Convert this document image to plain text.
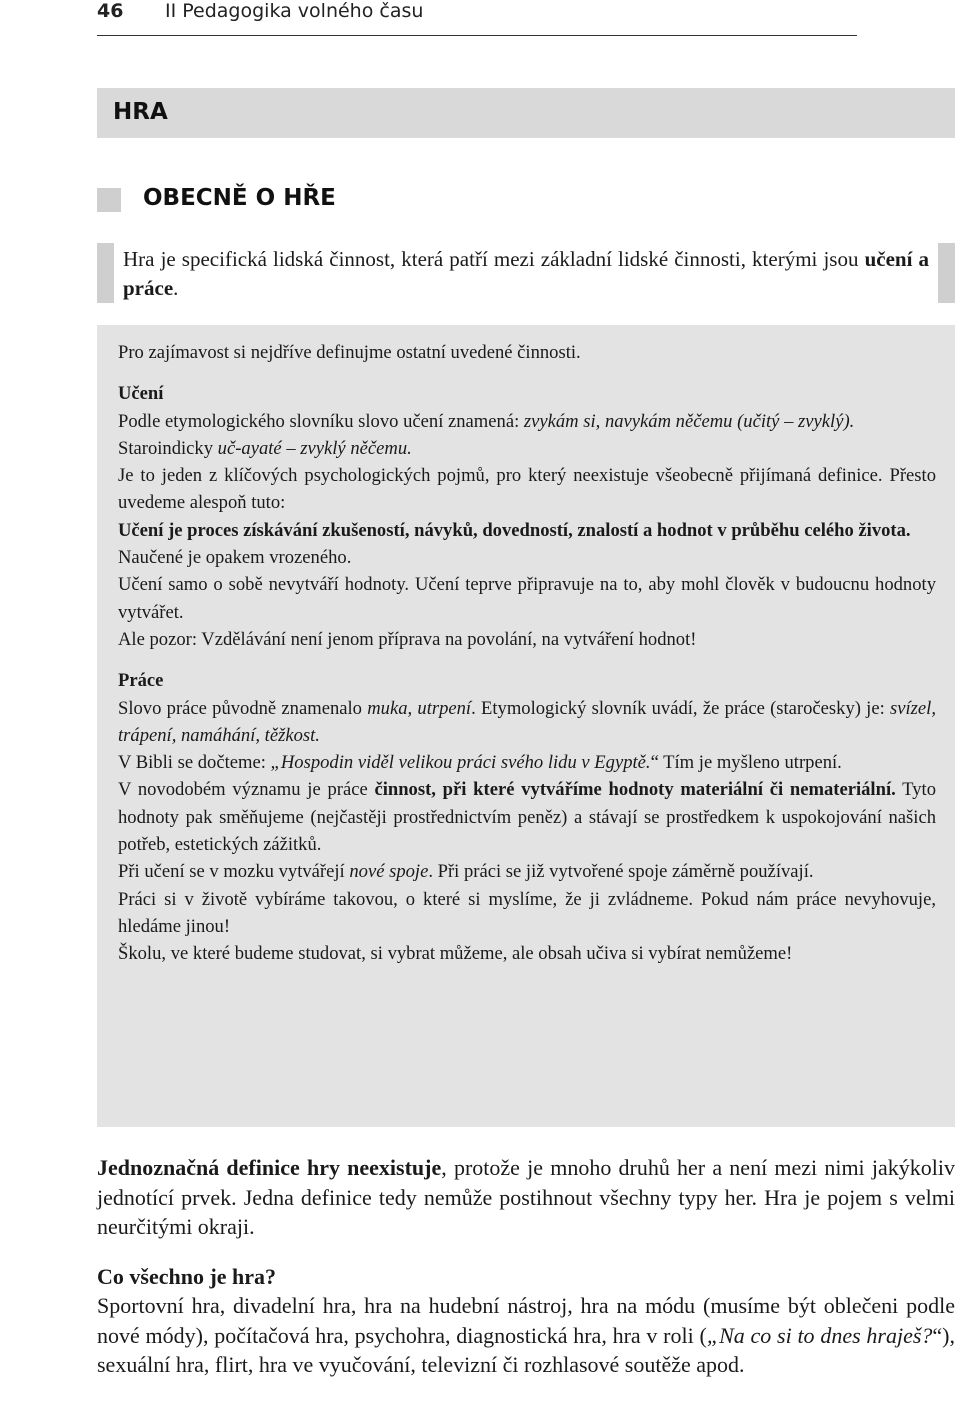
46 II Pedagogika volného času
HRA
OBECNĚ O HŘE
Hra je specifická lidská činnost, která patří mezi základní lidské činnosti, kterými jsou učení a práce.

Pro zajímavost si nejdříve definujme ostatní uvedené činnosti.

Učení

Podle etymologického slovníku slovo učení znamená: zvykám si, navykám něčemu (učitý – zvyklý).

Staroindicky uč-ayaté – zvyklý něčemu.

Je to jeden z klíčových psychologických pojmů, pro který neexistuje všeobecně přijímaná definice. Přesto uvedeme alespoň tuto:

Učení je proces získávání zkušeností, návyků, dovedností, znalostí a hodnot v průběhu celého života.

Naučené je opakem vrozeného.

Učení samo o sobě nevytváří hodnoty. Učení teprve připravuje na to, aby mohl člověk v budoucnu hodnoty vytvářet.

Ale pozor: Vzdělávání není jenom příprava na povolání, na vytváření hodnot!

Práce

Slovo práce původně znamenalo muka, utrpení. Etymologický slovník uvádí, že práce (staročesky) je: svízel, trápení, namáhání, těžkost.

V Bibli se dočteme: „Hospodin viděl velikou práci svého lidu v Egyptě.“ Tím je myšleno utrpení.

V novodobém významu je práce činnost, při které vytváříme hodnoty materiální či nemateriální. Tyto hodnoty pak směňujeme (nejčastěji prostřednictvím peněz) a stávají se prostředkem k uspokojování našich potřeb, estetických zážitků.

Při učení se v mozku vytvářejí nové spoje. Při práci se již vytvořené spoje záměrně používají.

Práci si v životě vybíráme takovou, o které si myslíme, že ji zvládneme. Pokud nám práce nevyhovuje, hledáme jinou!

Školu, ve které budeme studovat, si vybrat můžeme, ale obsah učiva si vybírat nemůžeme!

Jednoznačná definice hry neexistuje, protože je mnoho druhů her a není mezi nimi jakýkoliv jednotící prvek. Jedna definice tedy nemůže postihnout všechny typy her. Hra je pojem s velmi neurčitými okraji.

Co všechno je hra?

Sportovní hra, divadelní hra, hra na hudební nástroj, hra na módu (musíme být oblečeni podle nové módy), počítačová hra, psychohra, diagnostická hra, hra v roli („Na co si to dnes hraješ?“), sexuální hra, flirt, hra ve vyučování, televizní či rozhlasové soutěže apod.
